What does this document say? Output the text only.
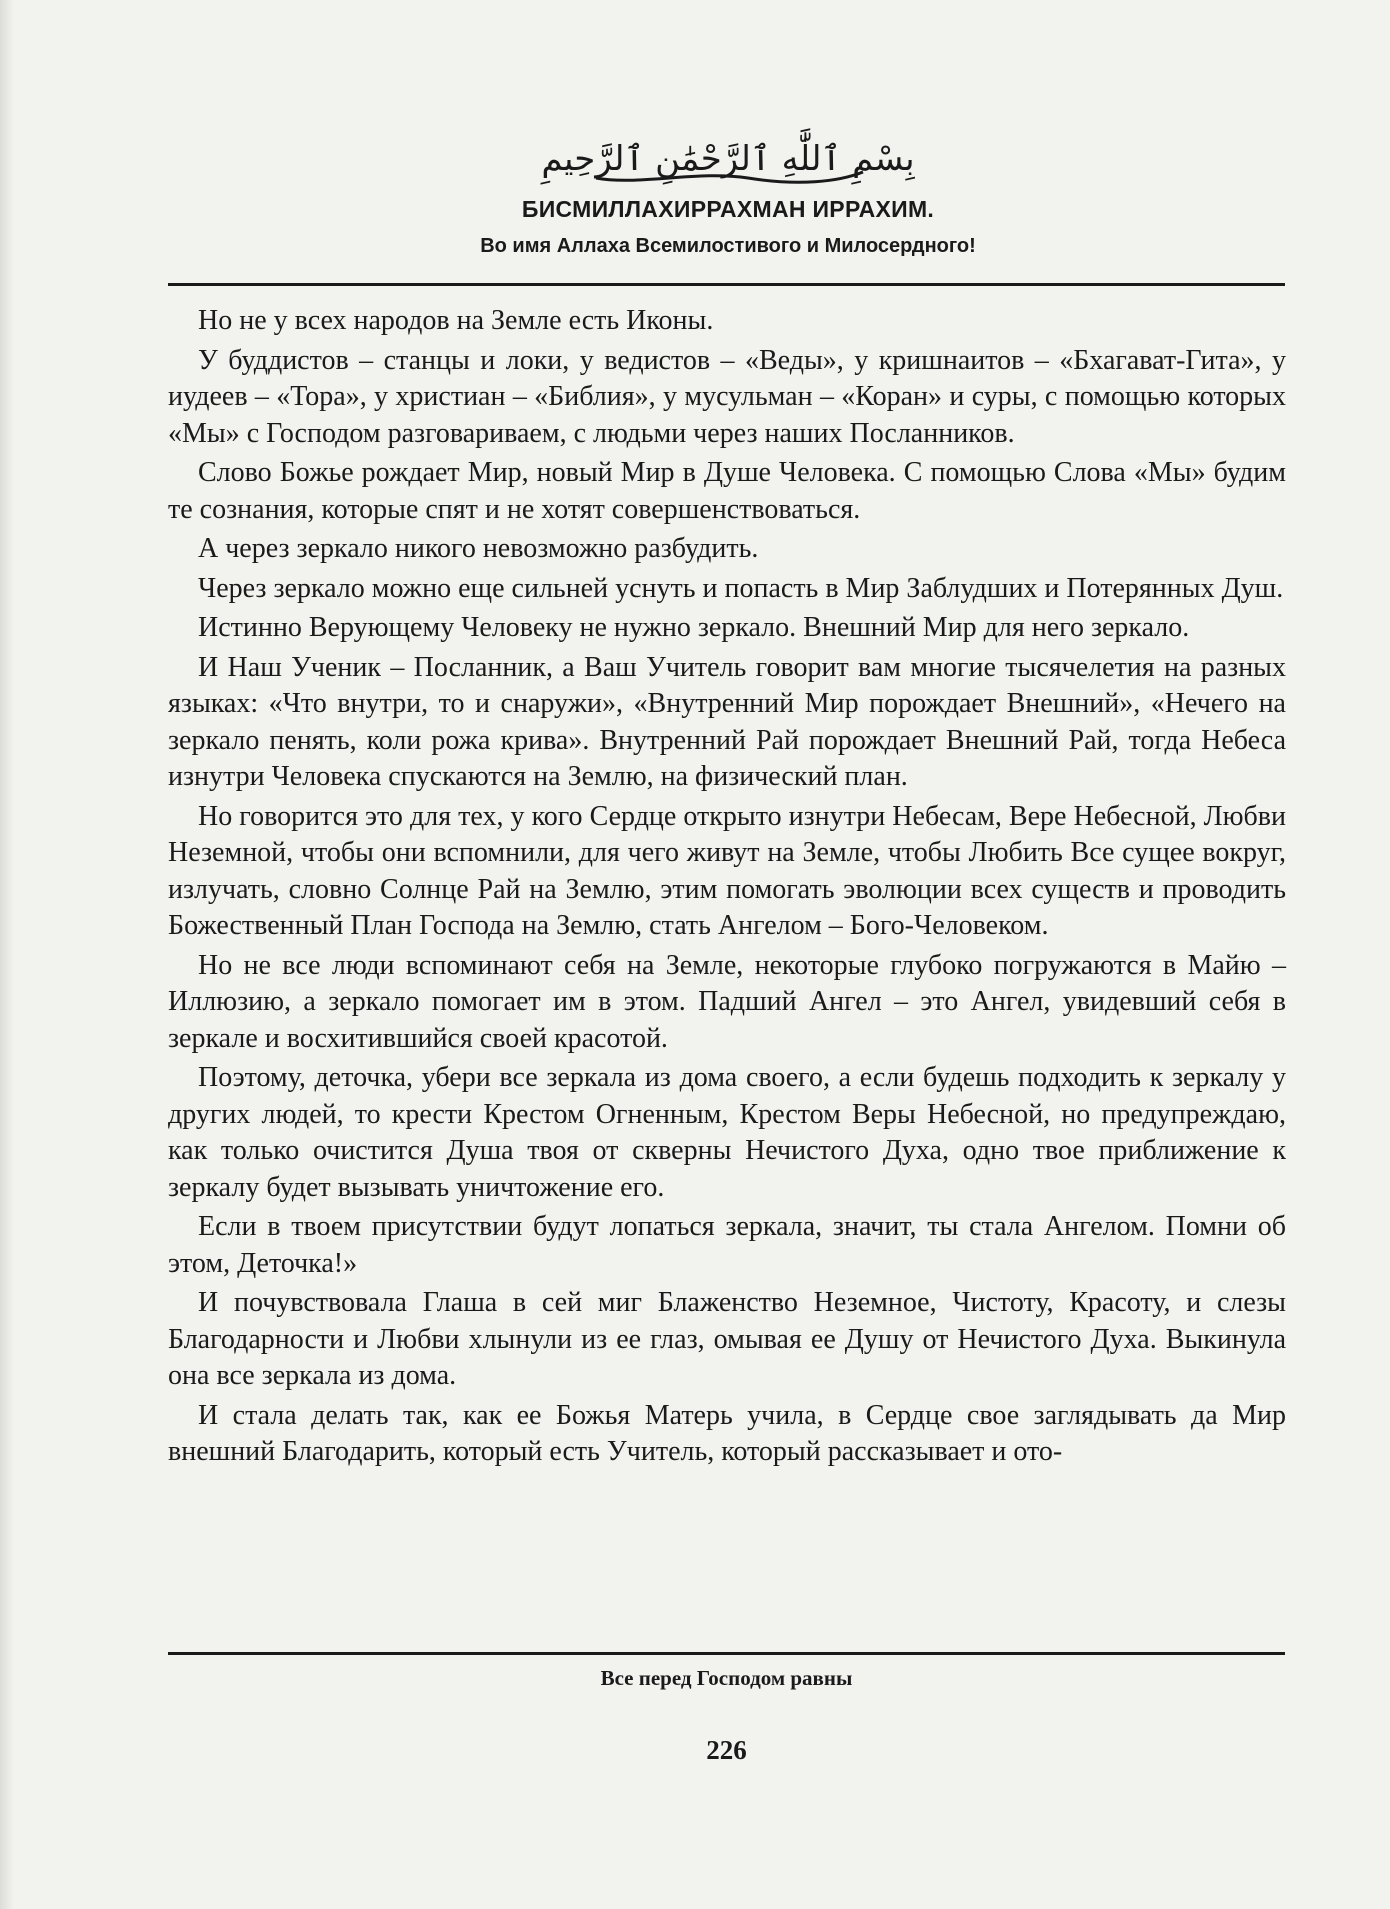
بِسْمِ ٱللَّٰهِ ٱلرَّحْمَٰنِ ٱلرَّحِيمِ
БИСМИЛЛАХИРРАХМАН ИРРАХИМ.
Во имя Аллаха Всемилостивого и Милосердного!

Но не у всех народов на Земле есть Иконы.

У буддистов – станцы и локи, у ведистов – «Веды», у кришнаитов – «Бхагават-Гита», у иудеев – «Тора», у христиан – «Библия», у мусульман – «Коран» и суры, с помощью которых «Мы» с Господом разговариваем, с людьми через наших Посланников.

Слово Божье рождает Мир, новый Мир в Душе Человека. С помощью Слова «Мы» будим те сознания, которые спят и не хотят совершенствоваться.

А через зеркало никого невозможно разбудить.

Через зеркало можно еще сильней уснуть и попасть в Мир Заблудших и Потерянных Душ.

Истинно Верующему Человеку не нужно зеркало. Внешний Мир для него зеркало.

И Наш Ученик – Посланник, а Ваш Учитель говорит вам многие тысячелетия на разных языках: «Что внутри, то и снаружи», «Внутренний Мир порождает Внешний», «Нечего на зеркало пенять, коли рожа крива». Внутренний Рай порождает Внешний Рай, тогда Небеса изнутри Человека спускаются на Землю, на физический план.

Но говорится это для тех, у кого Сердце открыто изнутри Небесам, Вере Небесной, Любви Неземной, чтобы они вспомнили, для чего живут на Земле, чтобы Любить Все сущее вокруг, излучать, словно Солнце Рай на Землю, этим помогать эволюции всех существ и проводить Божественный План Господа на Землю, стать Ангелом – Бого-Человеком.

Но не все люди вспоминают себя на Земле, некоторые глубоко погружаются в Майю – Иллюзию, а зеркало помогает им в этом. Падший Ангел – это Ангел, увидевший себя в зеркале и восхитившийся своей красотой.

Поэтому, деточка, убери все зеркала из дома своего, а если будешь подходить к зеркалу у других людей, то крести Крестом Огненным, Крестом Веры Небесной, но предупреждаю, как только очистится Душа твоя от скверны Нечистого Духа, одно твое приближение к зеркалу будет вызывать уничтожение его.

Если в твоем присутствии будут лопаться зеркала, значит, ты стала Ангелом. Помни об этом, Деточка!»

И почувствовала Глаша в сей миг Блаженство Неземное, Чистоту, Красоту, и слезы Благодарности и Любви хлынули из ее глаз, омывая ее Душу от Нечистого Духа. Выкинула она все зеркала из дома.

И стала делать так, как ее Божья Матерь учила, в Сердце свое заглядывать да Мир внешний Благодарить, который есть Учитель, который рассказывает и ото-

Все перед Господом равны
226
